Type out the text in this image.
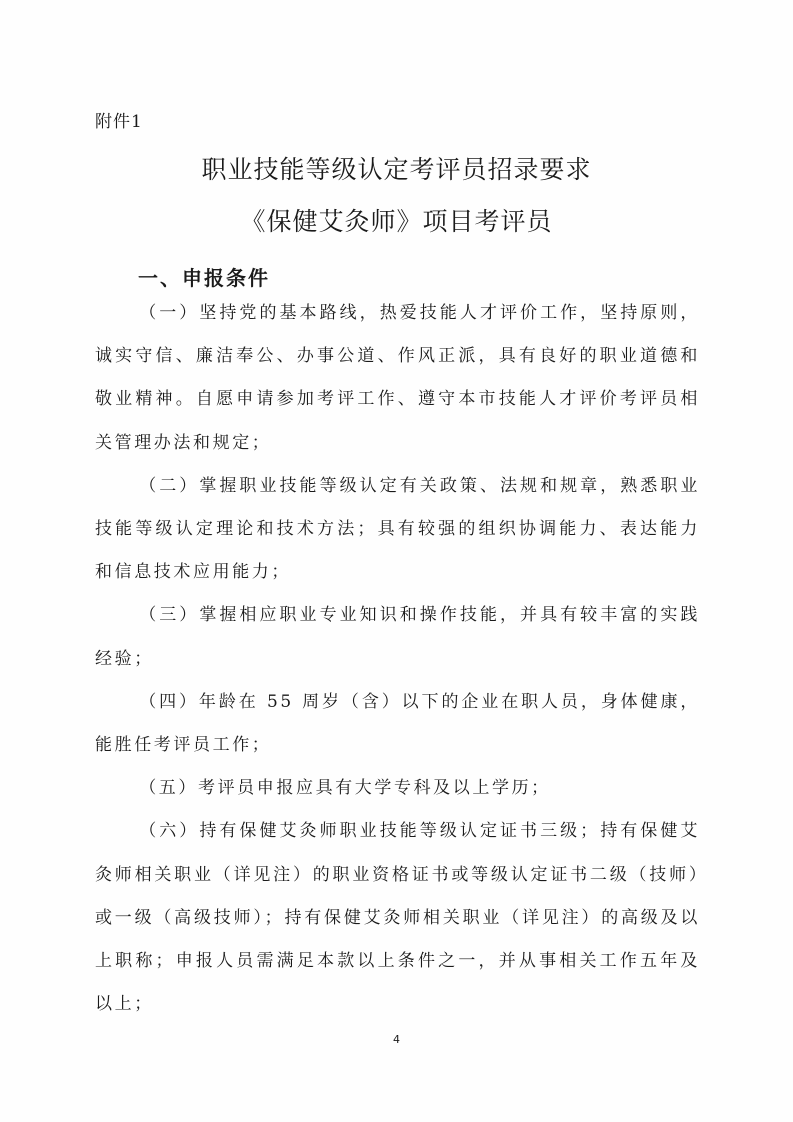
附件1
职业技能等级认定考评员招录要求
《保健艾灸师》项目考评员
一、申报条件

（一）坚持党的基本路线，热爱技能人才评价工作，坚持原则，诚实守信、廉洁奉公、办事公道、作风正派，具有良好的职业道德和敬业精神。自愿申请参加考评工作、遵守本市技能人才评价考评员相关管理办法和规定；

（二）掌握职业技能等级认定有关政策、法规和规章，熟悉职业技能等级认定理论和技术方法；具有较强的组织协调能力、表达能力和信息技术应用能力；

（三）掌握相应职业专业知识和操作技能，并具有较丰富的实践经验；

（四）年龄在 55 周岁（含）以下的企业在职人员，身体健康，能胜任考评员工作；

（五）考评员申报应具有大学专科及以上学历；

（六）持有保健艾灸师职业技能等级认定证书三级；持有保健艾灸师相关职业（详见注）的职业资格证书或等级认定证书二级（技师）或一级（高级技师）；持有保健艾灸师相关职业（详见注）的高级及以上职称；申报人员需满足本款以上条件之一，并从事相关工作五年及以上；

4
